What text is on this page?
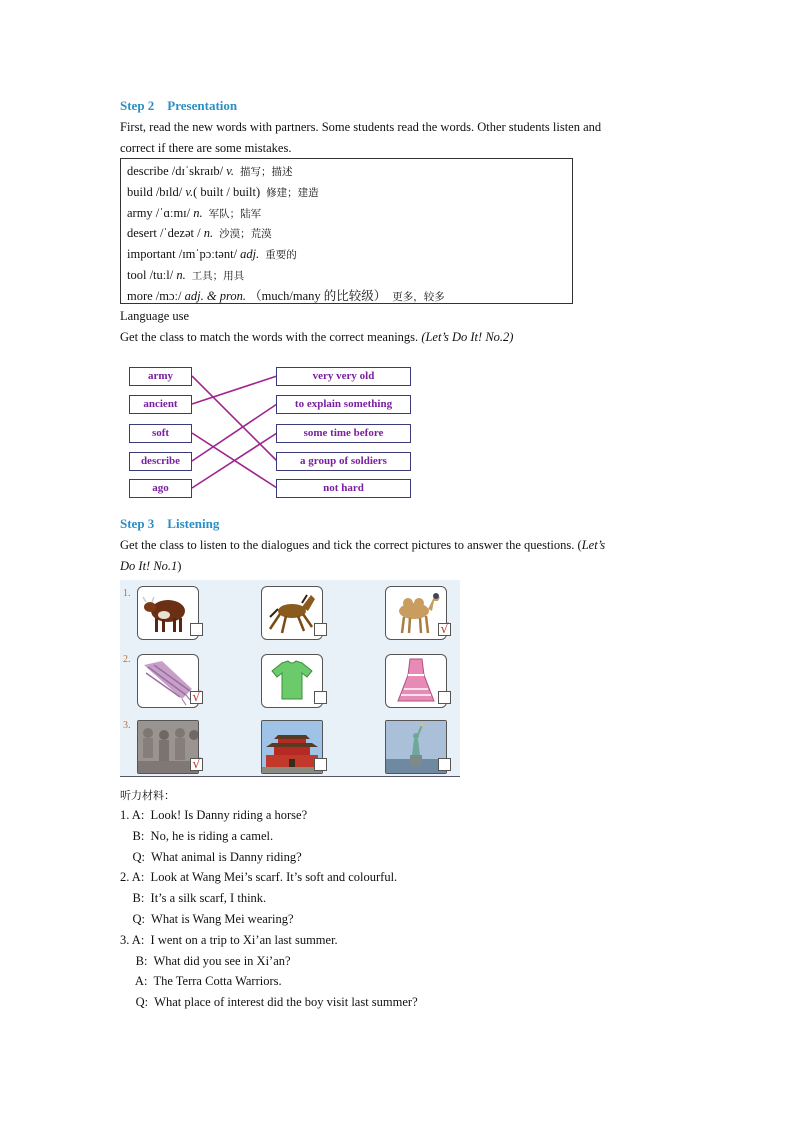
Step 2    Presentation
First, read the new words with partners. Some students read the words. Other students listen and
correct if there are some mistakes.
describe /dɪˈskraɪb/ v. 描写；描述
build /bɪld/ v.( built / built) 修建；建造
army /ˈɑːmɪ/ n. 军队；陆军
desert /ˈdezət / n. 沙漠；荒漠
important /ɪmˈpɔːtənt/ adj. 重要的
tool /tuːl/ n. 工具；用具
more /mɔː/ adj. & pron. （much/many 的比较级） 更多，较多
Language use
Get the class to match the words with the correct meanings. (Let’s Do It! No.2)
army
ancient
soft
describe
ago
very very old
to explain something
some time before
a group of soldiers
not hard
Step 3    Listening
Get the class to listen to the dialogues and tick the correct pictures to answer the questions. (Let’s
Do It! No.1)
1.
2.
3.
√
√
√
听力材料：
1. A:  Look! Is Danny riding a horse?
B:  No, he is riding a camel.
Q:  What animal is Danny riding?
2. A:  Look at Wang Mei’s scarf. It’s soft and colourful.
B:  It’s a silk scarf, I think.
Q:  What is Wang Mei wearing?
3. A:  I went on a trip to Xi’an last summer.
B:  What did you see in Xi’an?
A:  The Terra Cotta Warriors.
Q:  What place of interest did the boy visit last summer?
